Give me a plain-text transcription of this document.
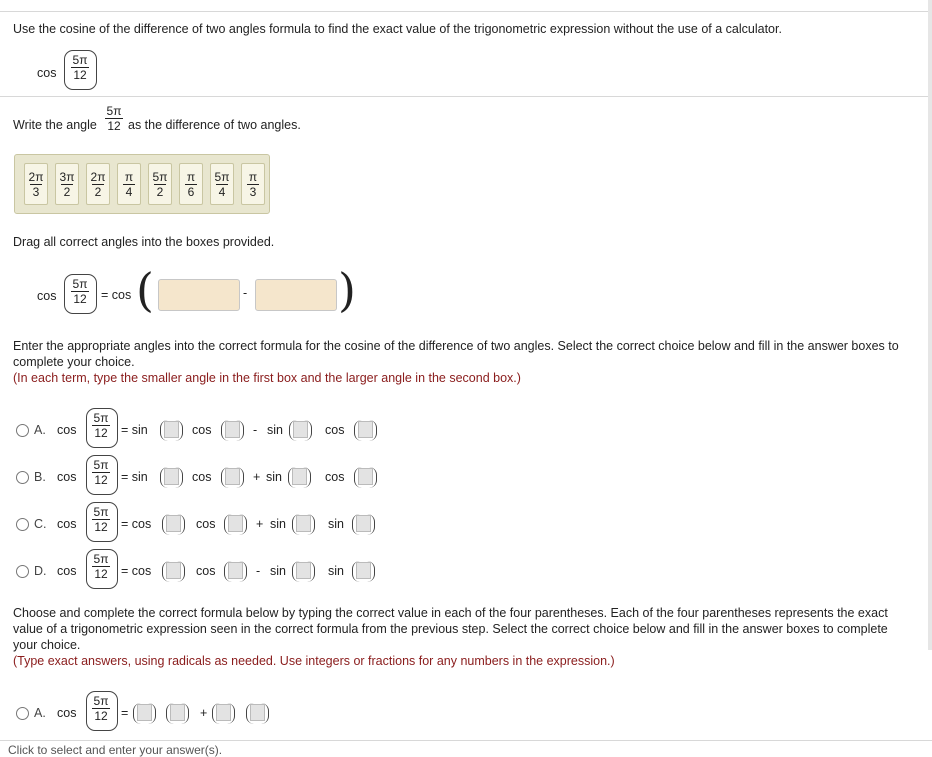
Use the cosine of the difference of two angles formula to find the exact value of the trigonometric expression without the use of a calculator.
$\cos \frac{5\pi}{12}$
Write the angle $\frac{5\pi}{12}$ as the difference of two angles.
2π
3
3π
2
2π
2
π
4
5π
2
π
6
5π
4
π
3
Drag all correct angles into the boxes provided.
$\cos \frac{5\pi}{12} = \cos$ (	- )
Enter the appropriate angles into the correct formula for the cosine of the difference of two angles. Select the correct choice below and fill in the answer boxes to complete your choice.
(In each term, type the smaller angle in the first box and the larger angle in the second box.)
A. $\cos \frac{5\pi}{12} = \sin$	cos	- sin	cos
B. $\cos \frac{5\pi}{12} = \sin$	cos	+ sin	cos
C. $\cos \frac{5\pi}{12} = \cos$	cos	+ sin	sin
D. $\cos \frac{5\pi}{12} = \cos$	cos	- sin	sin
Choose and complete the correct formula below by typing the correct value in each of the four parentheses. Each of the four parentheses represents the exact value of a trigonometric expression seen in the correct formula from the previous step. Select the correct choice below and fill in the answer boxes to complete your choice.
(Type exact answers, using radicals as needed. Use integers or fractions for any numbers in the expression.)
A. $\cos \frac{5\pi}{12}$ =	+
Click to select and enter your answer(s).
